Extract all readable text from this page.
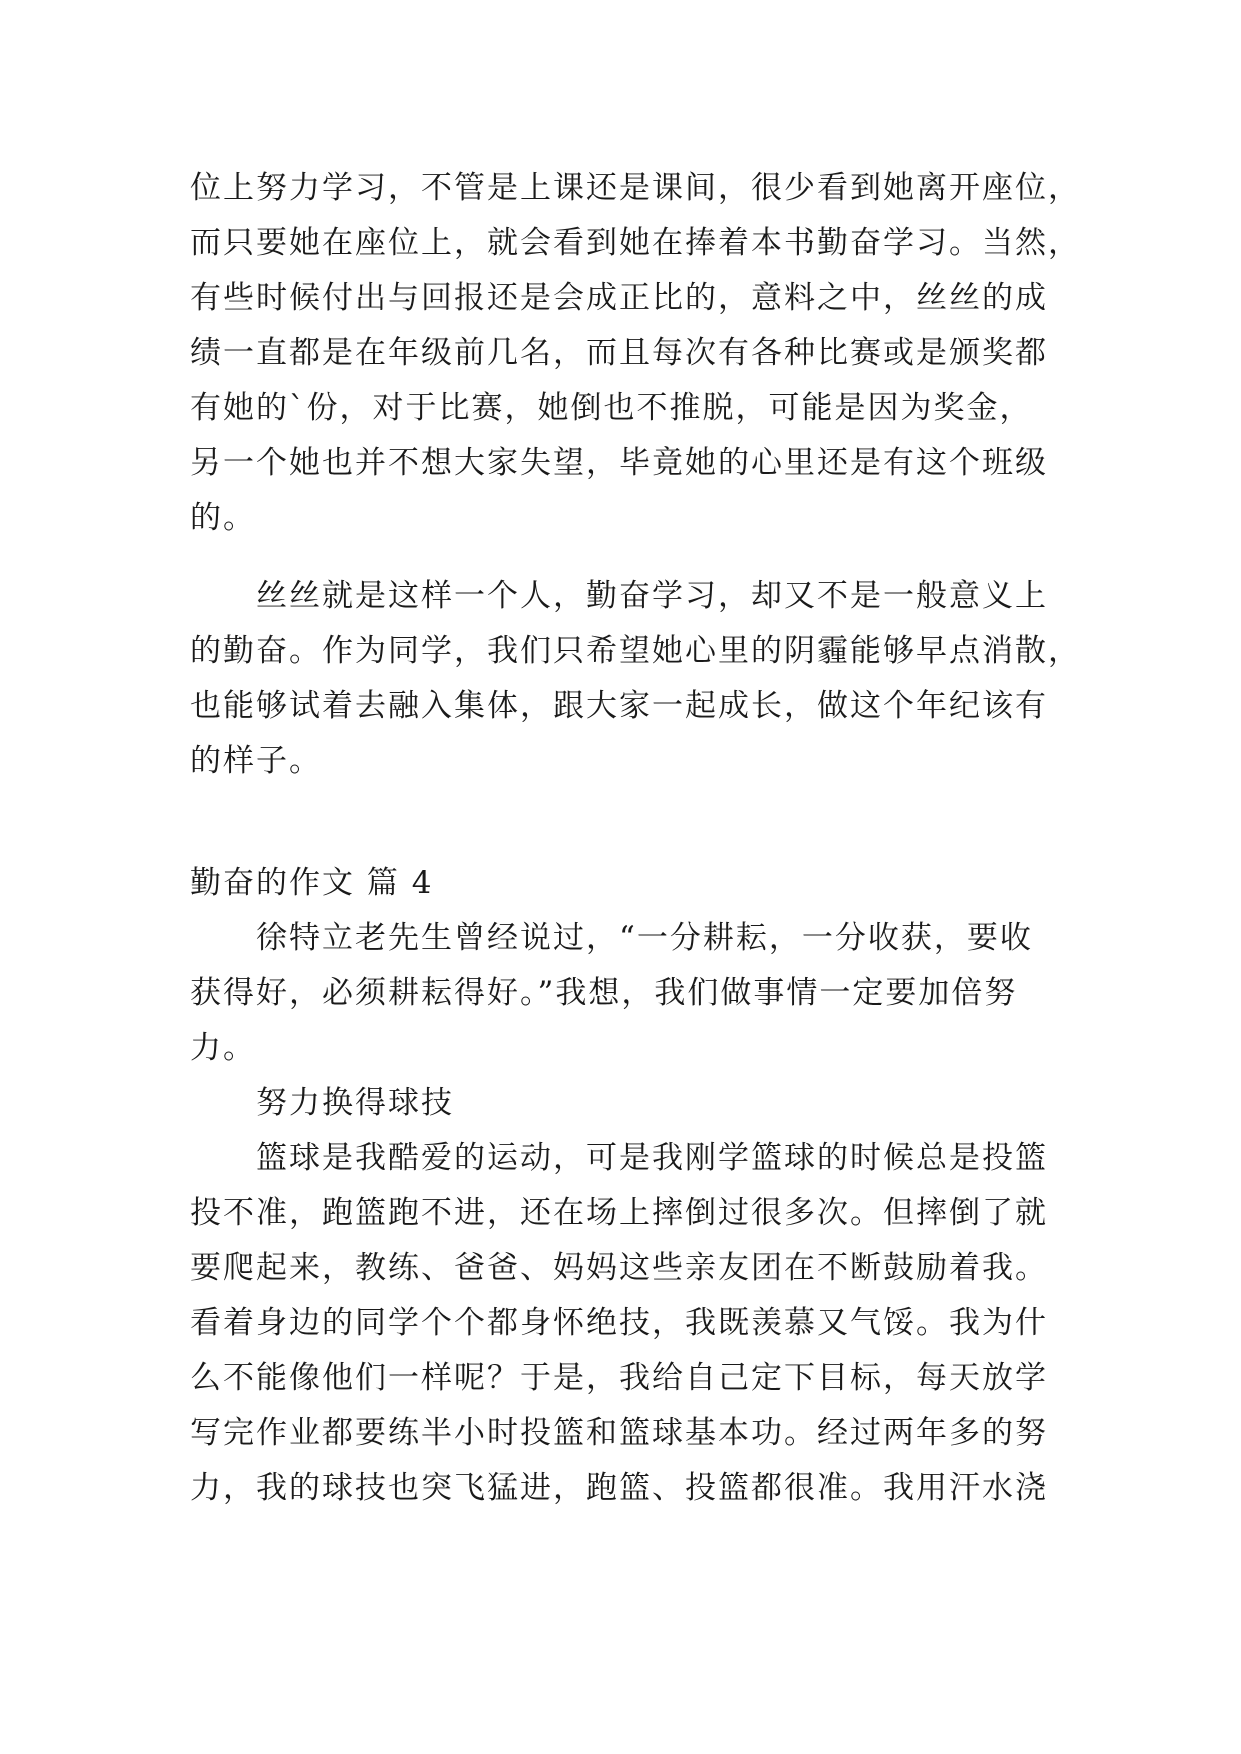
位上努力学习，不管是上课还是课间，很少看到她离开座位，
而只要她在座位上，就会看到她在捧着本书勤奋学习。当然，
有些时候付出与回报还是会成正比的，意料之中，丝丝的成
绩一直都是在年级前几名，而且每次有各种比赛或是颁奖都
有她的`份，对于比赛，她倒也不推脱，可能是因为奖金，
另一个她也并不想大家失望，毕竟她的心里还是有这个班级
的。
　　丝丝就是这样一个人，勤奋学习，却又不是一般意义上
的勤奋。作为同学，我们只希望她心里的阴霾能够早点消散，
也能够试着去融入集体，跟大家一起成长，做这个年纪该有
的样子。
勤奋的作文 篇 4
　　徐特立老先生曾经说过，“一分耕耘，一分收获，要收
获得好，必须耕耘得好。”我想，我们做事情一定要加倍努
力。
　　努力换得球技
　　篮球是我酷爱的运动，可是我刚学篮球的时候总是投篮
投不准，跑篮跑不进，还在场上摔倒过很多次。但摔倒了就
要爬起来，教练、爸爸、妈妈这些亲友团在不断鼓励着我。
看着身边的同学个个都身怀绝技，我既羡慕又气馁。我为什
么不能像他们一样呢？于是，我给自己定下目标，每天放学
写完作业都要练半小时投篮和篮球基本功。经过两年多的努
力，我的球技也突飞猛进，跑篮、投篮都很准。我用汗水浇
